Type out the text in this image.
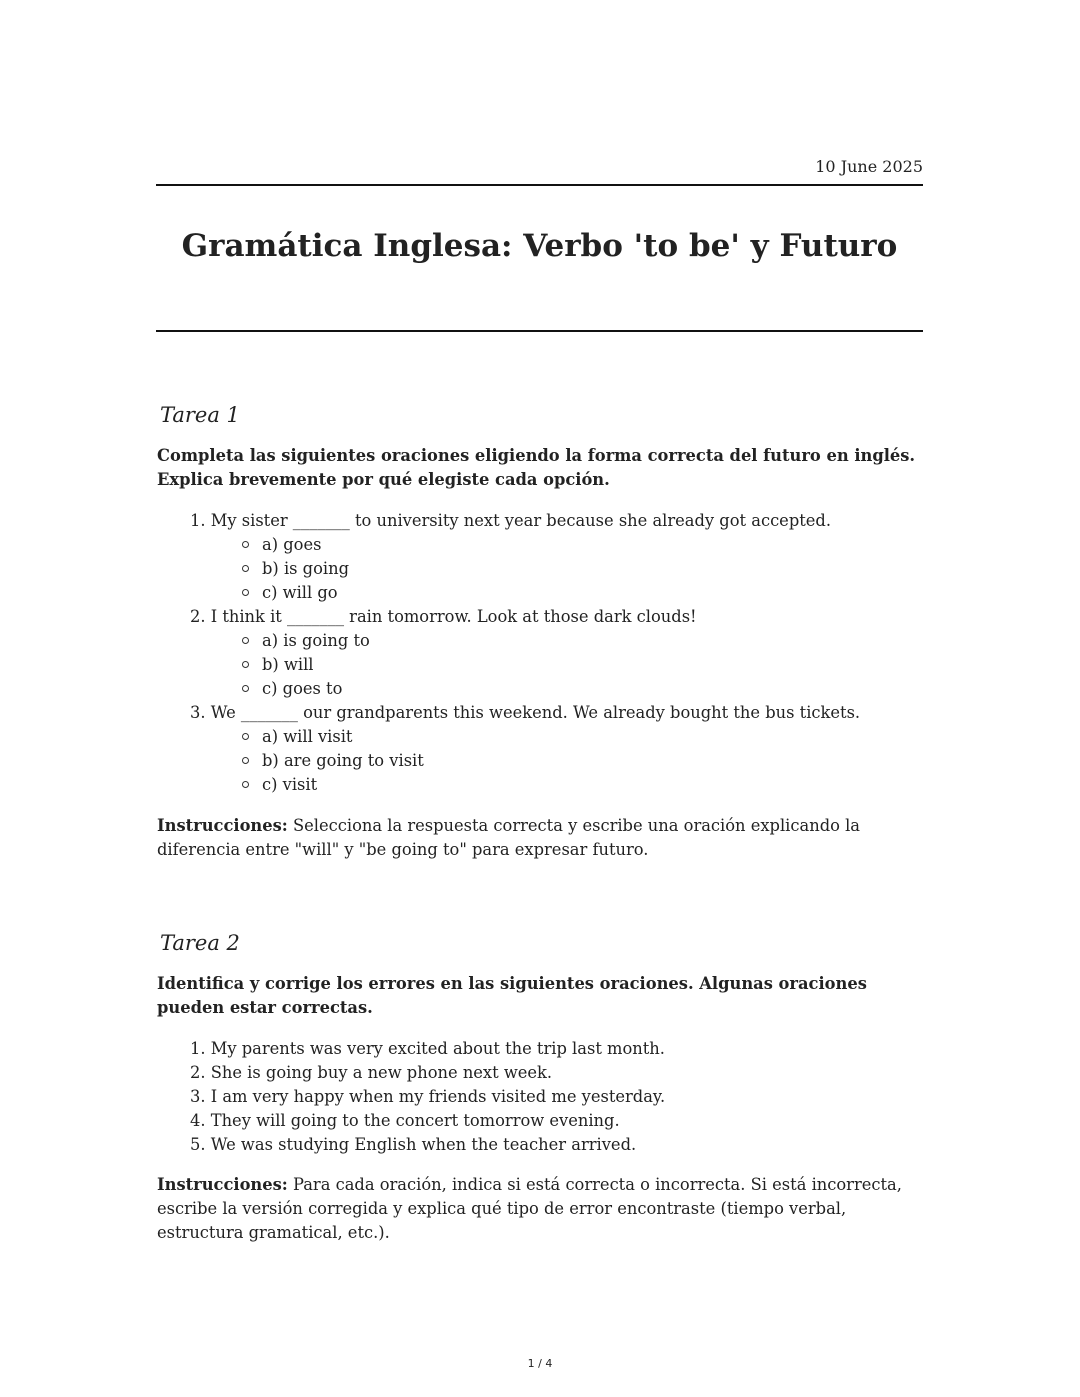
10 June 2025
Gramática Inglesa: Verbo 'to be' y Futuro
Tarea 1

Completa las siguientes oraciones eligiendo la forma correcta del futuro en inglés. Explica brevemente por qué elegiste cada opción.

1. My sister _______ to university next year because she already got accepted.
a) goes
b) is going
c) will go
2. I think it _______ rain tomorrow. Look at those dark clouds!
a) is going to
b) will
c) goes to
3. We _______ our grandparents this weekend. We already bought the bus tickets.
a) will visit
b) are going to visit
c) visit

Instrucciones: Selecciona la respuesta correcta y escribe una oración explicando la diferencia entre "will" y "be going to" para expresar futuro.

Tarea 2

Identifica y corrige los errores en las siguientes oraciones. Algunas oraciones pueden estar correctas.

1. My parents was very excited about the trip last month.
2. She is going buy a new phone next week.
3. I am very happy when my friends visited me yesterday.
4. They will going to the concert tomorrow evening.
5. We was studying English when the teacher arrived.

Instrucciones: Para cada oración, indica si está correcta o incorrecta. Si está incorrecta, escribe la versión corregida y explica qué tipo de error encontraste (tiempo verbal, estructura gramatical, etc.).

1 / 4
